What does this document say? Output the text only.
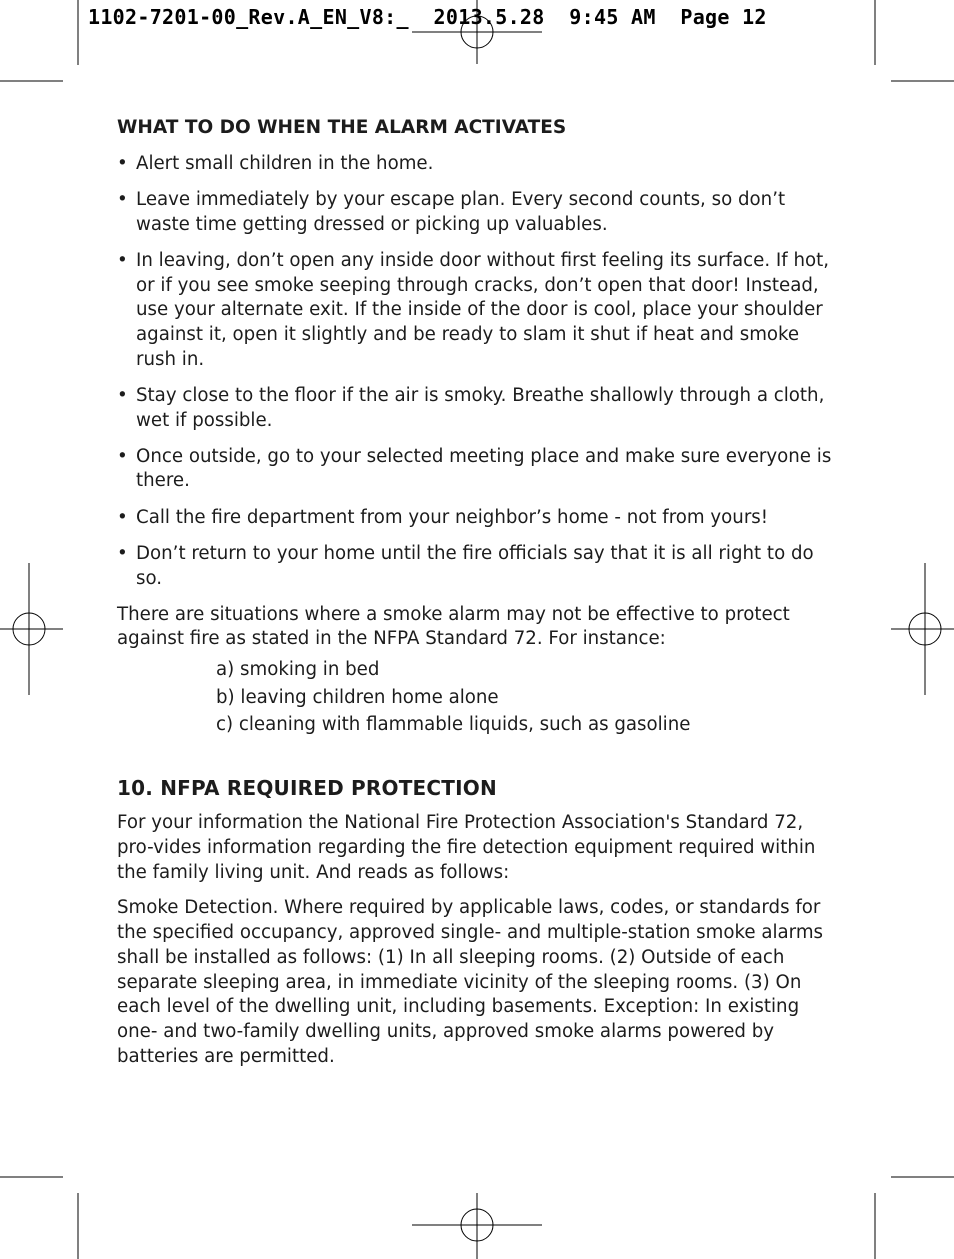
1102-7201-00_Rev.A_EN_V8:_  2013.5.28  9:45 AM  Page 12
WHAT TO DO WHEN THE ALARM ACTIVATES
• Alert small children in the home.
• Leave immediately by your escape plan. Every second counts, so don’t waste time getting dressed or picking up valuables.
• In leaving, don’t open any inside door without first feeling its surface. If hot, or if you see smoke seeping through cracks, don’t open that door! Instead, use your alternate exit. If the inside of the door is cool, place your shoulder against it, open it slightly and be ready to slam it shut if heat and smoke rush in.
• Stay close to the floor if the air is smoky. Breathe shallowly through a cloth, wet if possible.
• Once outside, go to your selected meeting place and make sure everyone is there.
• Call the fire department from your neighbor’s home - not from yours!
• Don’t return to your home until the fire officials say that it is all right to do so.
There are situations where a smoke alarm may not be effective to protect against fire as stated in the NFPA Standard 72. For instance:
a) smoking in bed
b) leaving children home alone
c) cleaning with flammable liquids, such as gasoline
10. NFPA REQUIRED PROTECTION
For your information the National Fire Protection Association's Standard 72, pro-vides information regarding the fire detection equipment required within the family living unit. And reads as follows:
Smoke Detection. Where required by applicable laws, codes, or standards for the specified occupancy, approved single- and multiple-station smoke alarms shall be installed as follows: (1) In all sleeping rooms. (2) Outside of each separate sleeping area, in immediate vicinity of the sleeping rooms. (3) On each level of the dwelling unit, including basements. Exception: In existing one- and two-family dwelling units, approved smoke alarms powered by batteries are permitted.
